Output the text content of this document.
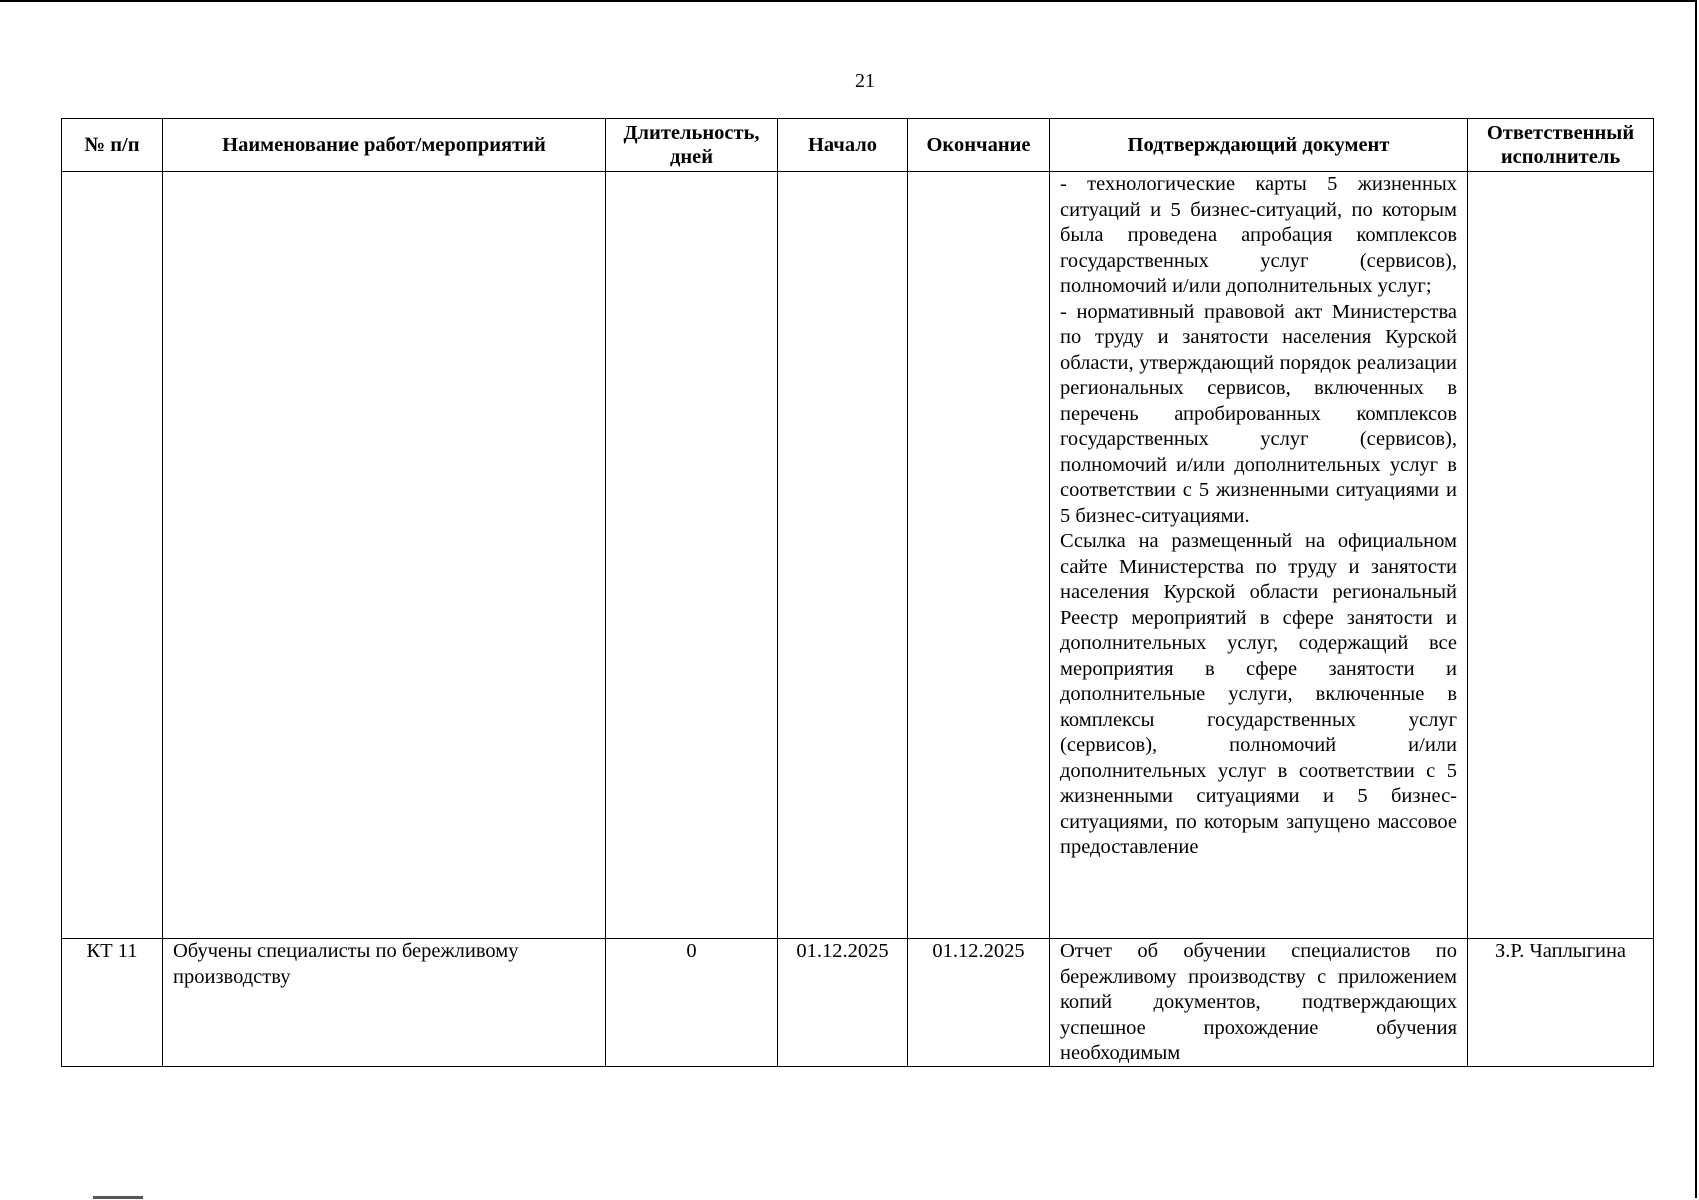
21
№ п/п	Наименование работ/мероприятий	Длительность, дней	Начало	Окончание	Подтверждающий документ	Ответственный исполнитель

					- технологические карты 5 жизненных ситуаций и 5 бизнес-ситуаций, по которым была проведена апробация комплексов государственных услуг (сервисов), полномочий и/или дополнительных услуг;

- нормативный правовой акт Министерства по труду и занятости населения Курской области, утверждающий порядок реализации региональных сервисов, включенных в перечень апробированных комплексов государственных услуг (сервисов), полномочий и/или дополнительных услуг в соответствии с 5 жизненными ситуациями и 5 бизнес-ситуациями.

Ссылка на размещенный на официальном сайте Министерства по труду и занятости населения Курской области региональный Реестр мероприятий в сфере занятости и дополнительных услуг, содержащий все мероприятия в сфере занятости и дополнительные услуги, включенные в комплексы государственных услуг (сервисов), полномочий и/или дополнительных услуг в соответствии с 5 жизненными ситуациями и 5 бизнес-ситуациями, по которым запущено массовое предоставление	

КТ 11	Обучены специалисты по бережливому производству	0	01.12.2025	01.12.2025	Отчет об обучении специалистов по бережливому производству с приложением копий документов, подтверждающих успешное прохождение обучения необходимым	З.Р. Чаплыгина
